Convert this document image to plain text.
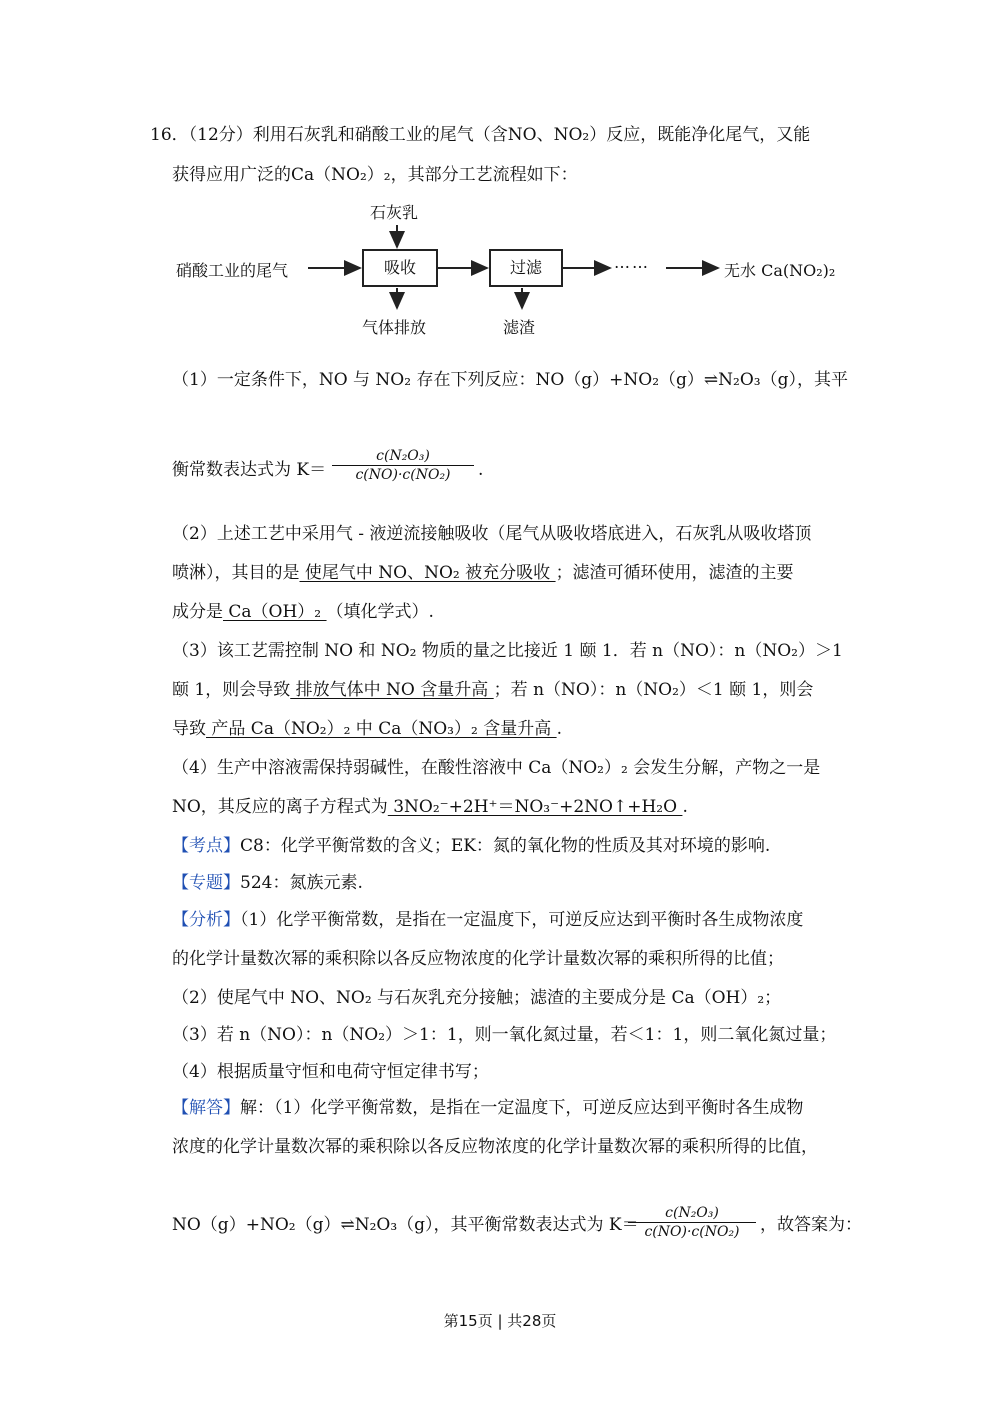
16．（12分）利用石灰乳和硝酸工业的尾气（含NO、NO₂）反应，既能净化尾气，又能
获得应用广泛的Ca（NO₂）₂，其部分工艺流程如下：
石灰乳
硝酸工业的尾气	吸收	过滤	……	无水 Ca(NO₂)₂
气体排放	滤渣
（1）一定条件下，NO 与 NO₂ 存在下列反应：NO（g）+NO₂（g）⇌N₂O₃（g），其平
衡常数表达式为 K＝
c(N₂O₃)
c(NO)·c(NO₂)	.
（2）上述工艺中采用气 - 液逆流接触吸收（尾气从吸收塔底进入，石灰乳从吸收塔顶
喷淋），其目的是 使尾气中 NO、NO₂ 被充分吸收 ；滤渣可循环使用，滤渣的主要
成分是 Ca（OH）₂ （填化学式）.
（3）该工艺需控制 NO 和 NO₂ 物质的量之比接近 1 颐 1．若 n（NO）：n（NO₂）＞1
颐 1，则会导致 排放气体中 NO 含量升高 ；若 n（NO）：n（NO₂）＜1 颐 1，则会
导致 产品 Ca（NO₂）₂ 中 Ca（NO₃）₂ 含量升高 .
（4）生产中溶液需保持弱碱性，在酸性溶液中 Ca（NO₂）₂ 会发生分解，产物之一是
NO，其反应的离子方程式为 3NO₂⁻+2H⁺＝NO₃⁻+2NO↑+H₂O .
【考点】C8：化学平衡常数的含义；EK：氮的氧化物的性质及其对环境的影响.
【专题】524：氮族元素.
【分析】（1）化学平衡常数，是指在一定温度下，可逆反应达到平衡时各生成物浓度
的化学计量数次幂的乘积除以各反应物浓度的化学计量数次幂的乘积所得的比值；
（2）使尾气中 NO、NO₂ 与石灰乳充分接触；滤渣的主要成分是 Ca（OH）₂；
（3）若 n（NO）：n（NO₂）＞1：1，则一氧化氮过量，若＜1：1，则二氧化氮过量；
（4）根据质量守恒和电荷守恒定律书写；
【解答】解：（1）化学平衡常数，是指在一定温度下，可逆反应达到平衡时各生成物
浓度的化学计量数次幂的乘积除以各反应物浓度的化学计量数次幂的乘积所得的比值，
NO（g）+NO₂（g）⇌N₂O₃（g），其平衡常数表达式为 K＝
c(N₂O₃)
c(NO)·c(NO₂)	，故答案为：
第15页 | 共28页
